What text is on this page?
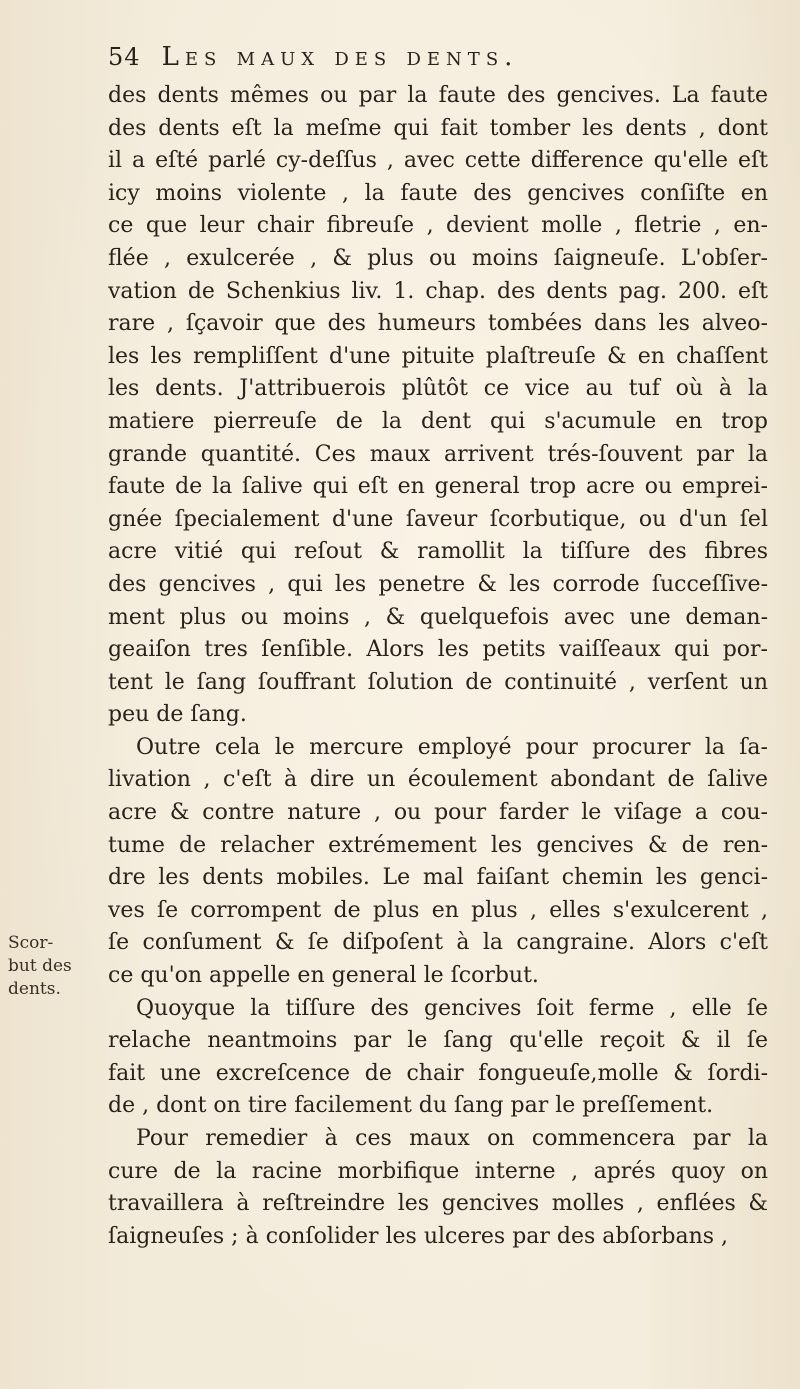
54 Les maux des dents.
Scor-
but des
dents.
des dents mêmes ou par la faute des gencives. La faute
des dents eſt la meſme qui fait tomber les dents , dont
il a eſté parlé cy-deſſus , avec cette difference qu'elle eſt
icy moins violente , la faute des gencives conſiſte en
ce que leur chair fibreuſe , devient molle , fletrie , en-
flée , exulcerée , & plus ou moins ſaigneuſe. L'obſer-
vation de Schenkius liv. 1. chap. des dents pag. 200. eſt
rare , ſçavoir que des humeurs tombées dans les alveo-
les les rempliſſent d'une pituite plaſtreuſe & en chaſſent
les dents. J'attribuerois plûtôt ce vice au tuf où à la
matiere pierreuſe de la dent qui s'acumule en trop
grande quantité. Ces maux arrivent trés-ſouvent par la
faute de la ſalive qui eſt en general trop acre ou emprei-
gnée ſpecialement d'une ſaveur ſcorbutique, ou d'un ſel
acre vitié qui reſout & ramollit la tiſſure des fibres
des gencives , qui les penetre & les corrode ſucceſſive-
ment plus ou moins , & quelquefois avec une deman-
geaiſon tres ſenſible. Alors les petits vaiſſeaux qui por-
tent le ſang ſouffrant ſolution de continuité , verſent un
peu de ſang.
Outre cela le mercure employé pour procurer la ſa-
livation , c'eſt à dire un écoulement abondant de ſalive
acre & contre nature , ou pour farder le viſage a cou-
tume de relacher extrémement les gencives & de ren-
dre les dents mobiles. Le mal faiſant chemin les genci-
ves ſe corrompent de plus en plus , elles s'exulcerent ,
ſe conſument & ſe diſpoſent à la cangraine. Alors c'eſt
ce qu'on appelle en general le ſcorbut.
Quoyque la tiſſure des gencives ſoit ferme , elle ſe
relache neantmoins par le ſang qu'elle reçoit & il ſe
fait une excreſcence de chair fongueuſe,molle & ſordi-
de , dont on tire facilement du ſang par le preſſement.
Pour remedier à ces maux on commencera par la
cure de la racine morbifique interne , aprés quoy on
travaillera à reſtreindre les gencives molles , enflées &
ſaigneuſes ; à conſolider les ulceres par des abſorbans ,
